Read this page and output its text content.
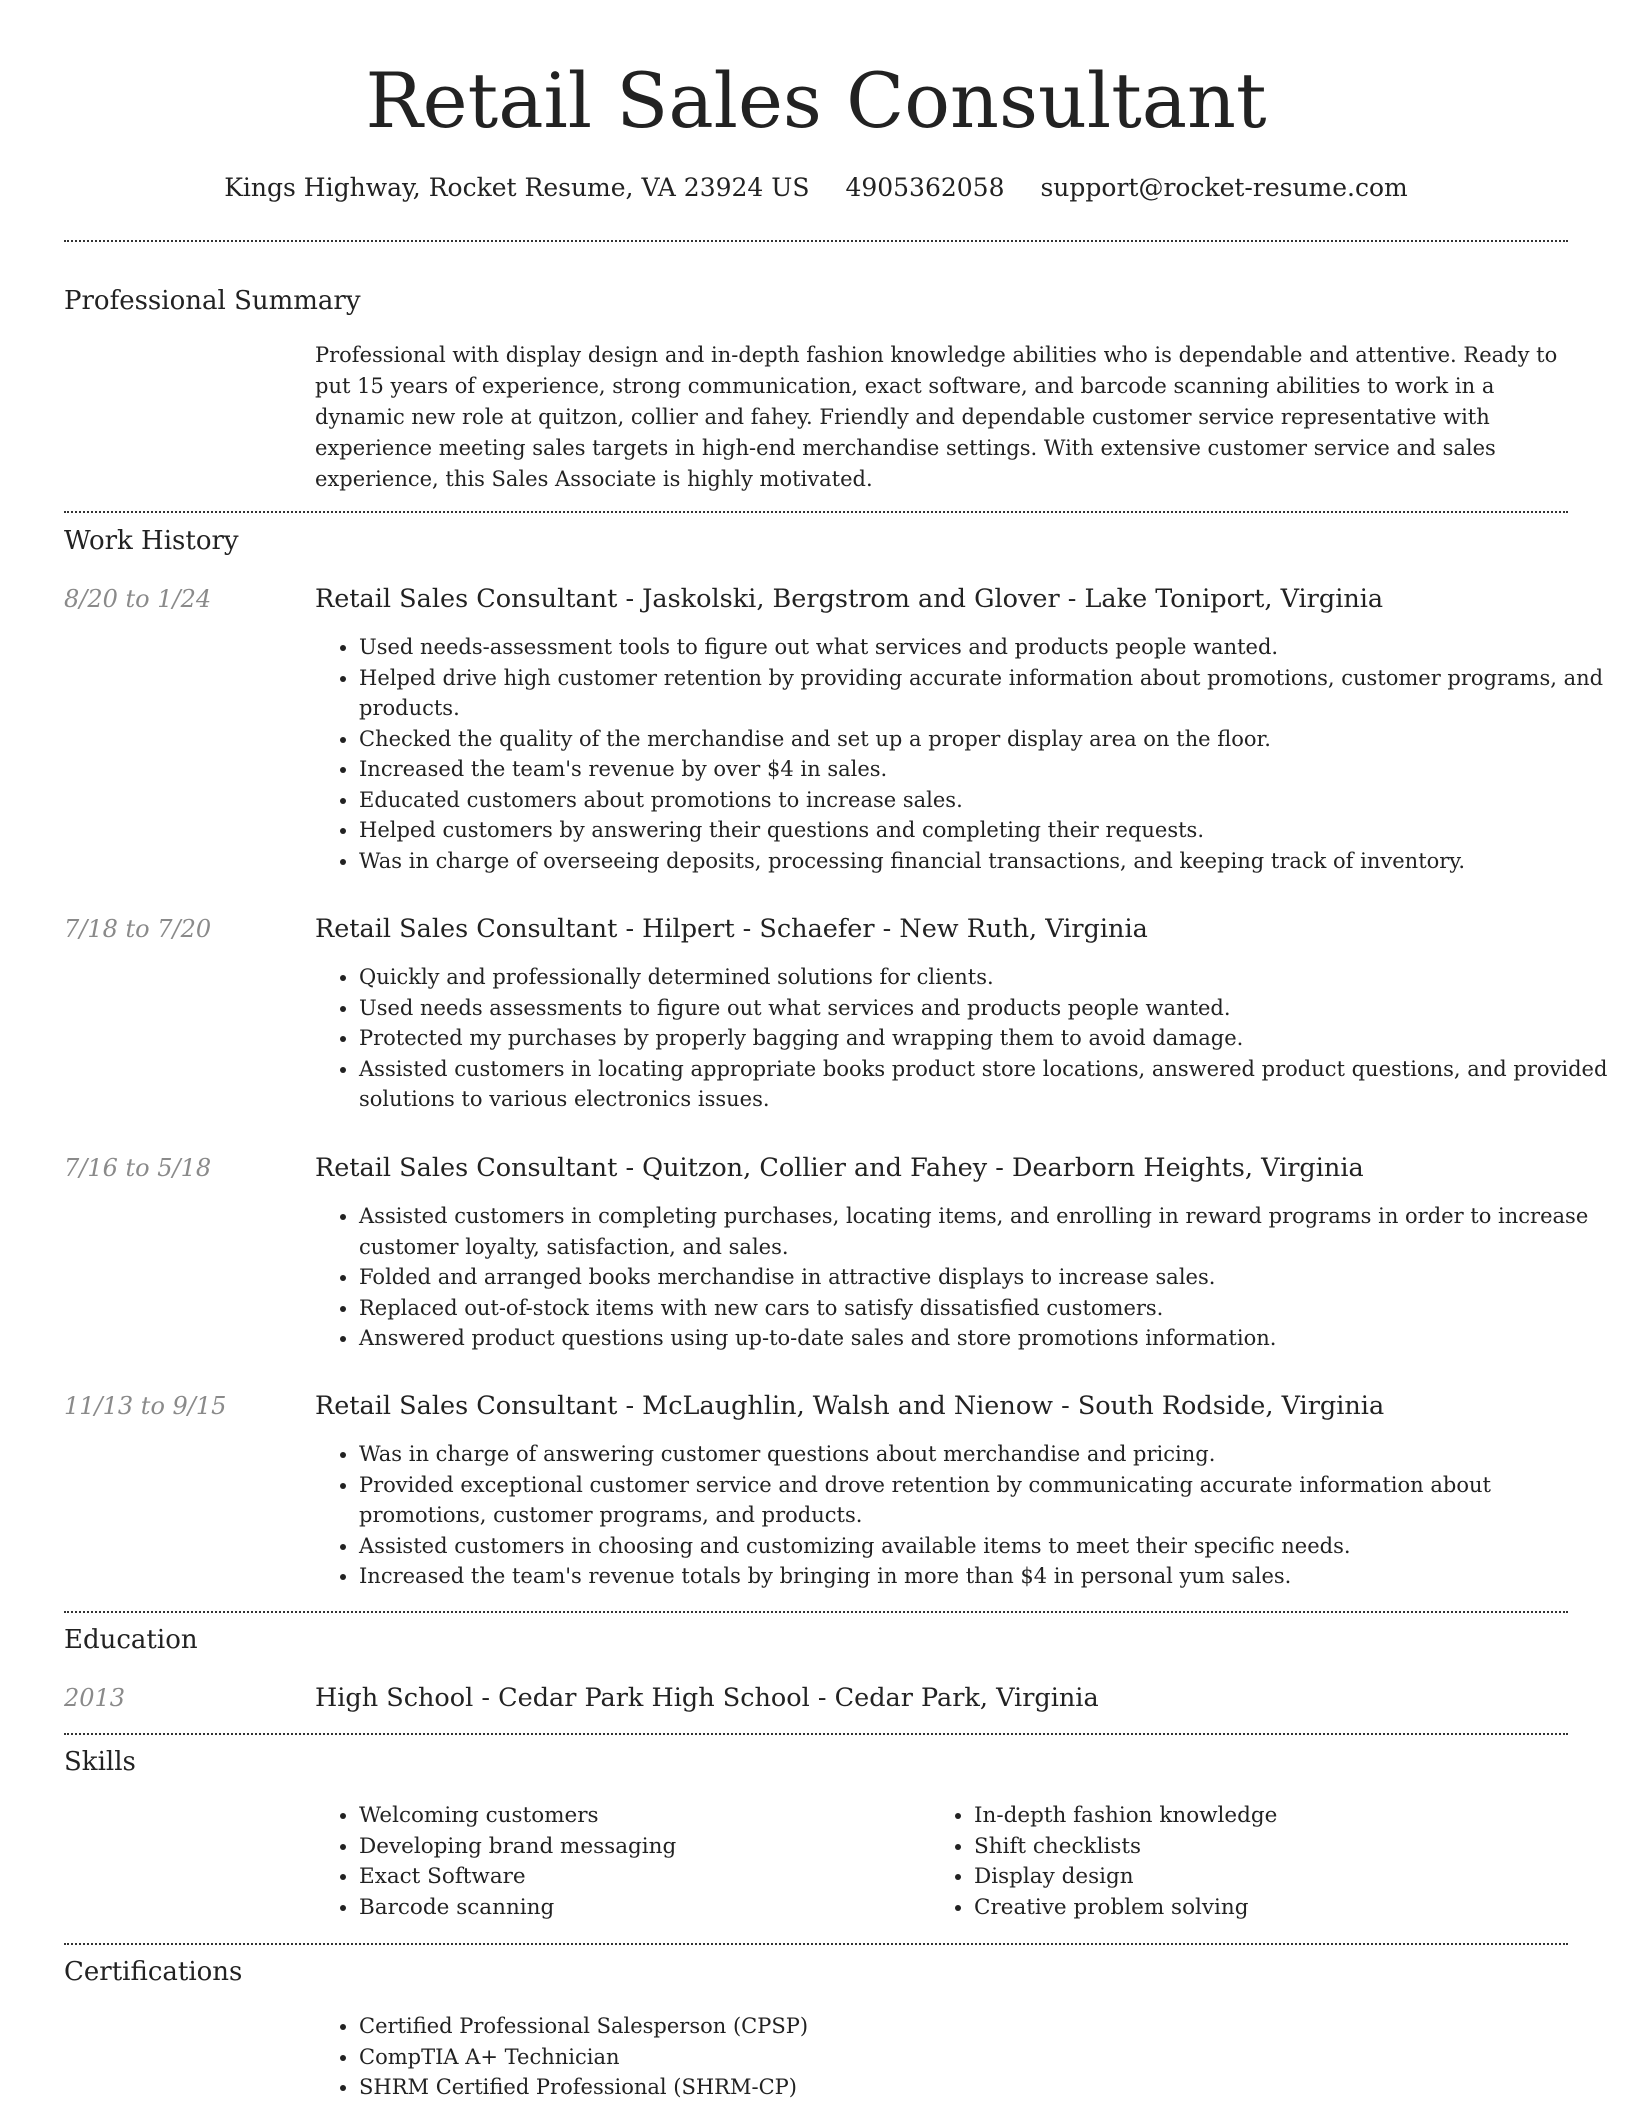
Retail Sales Consultant
Kings Highway, Rocket Resume, VA 23924 US 4905362058 support@rocket-resume.com
Professional Summary

Professional with display design and in-depth fashion knowledge abilities who is dependable and attentive. Ready to put 15 years of experience, strong communication, exact software, and barcode scanning abilities to work in a dynamic new role at quitzon, collier and fahey. Friendly and dependable customer service representative with experience meeting sales targets in high-end merchandise settings. With extensive customer service and sales experience, this Sales Associate is highly motivated.

Work History
8/20 to 1/24	Retail Sales Consultant - Jaskolski, Bergstrom and Glover - Lake Toniport, Virginia
• Used needs-assessment tools to figure out what services and products people wanted.
• Helped drive high customer retention by providing accurate information about promotions, customer programs, and products.
• Checked the quality of the merchandise and set up a proper display area on the floor.
• Increased the team's revenue by over $4 in sales.
• Educated customers about promotions to increase sales.
• Helped customers by answering their questions and completing their requests.
• Was in charge of overseeing deposits, processing financial transactions, and keeping track of inventory.
7/18 to 7/20	Retail Sales Consultant - Hilpert - Schaefer - New Ruth, Virginia
• Quickly and professionally determined solutions for clients.
• Used needs assessments to figure out what services and products people wanted.
• Protected my purchases by properly bagging and wrapping them to avoid damage.
• Assisted customers in locating appropriate books product store locations, answered product questions, and provided solutions to various electronics issues.
7/16 to 5/18	Retail Sales Consultant - Quitzon, Collier and Fahey - Dearborn Heights, Virginia
• Assisted customers in completing purchases, locating items, and enrolling in reward programs in order to increase customer loyalty, satisfaction, and sales.
• Folded and arranged books merchandise in attractive displays to increase sales.
• Replaced out-of-stock items with new cars to satisfy dissatisfied customers.
• Answered product questions using up-to-date sales and store promotions information.
11/13 to 9/15	Retail Sales Consultant - McLaughlin, Walsh and Nienow - South Rodside, Virginia
• Was in charge of answering customer questions about merchandise and pricing.
• Provided exceptional customer service and drove retention by communicating accurate information about promotions, customer programs, and products.
• Assisted customers in choosing and customizing available items to meet their specific needs.
• Increased the team's revenue totals by bringing in more than $4 in personal yum sales.
Education
2013	High School - Cedar Park High School - Cedar Park, Virginia
Skills
• Welcoming customers
• Developing brand messaging
• Exact Software
• Barcode scanning
• In-depth fashion knowledge
• Shift checklists
• Display design
• Creative problem solving
Certifications
• Certified Professional Salesperson (CPSP)
• CompTIA A+ Technician
• SHRM Certified Professional (SHRM-CP)
